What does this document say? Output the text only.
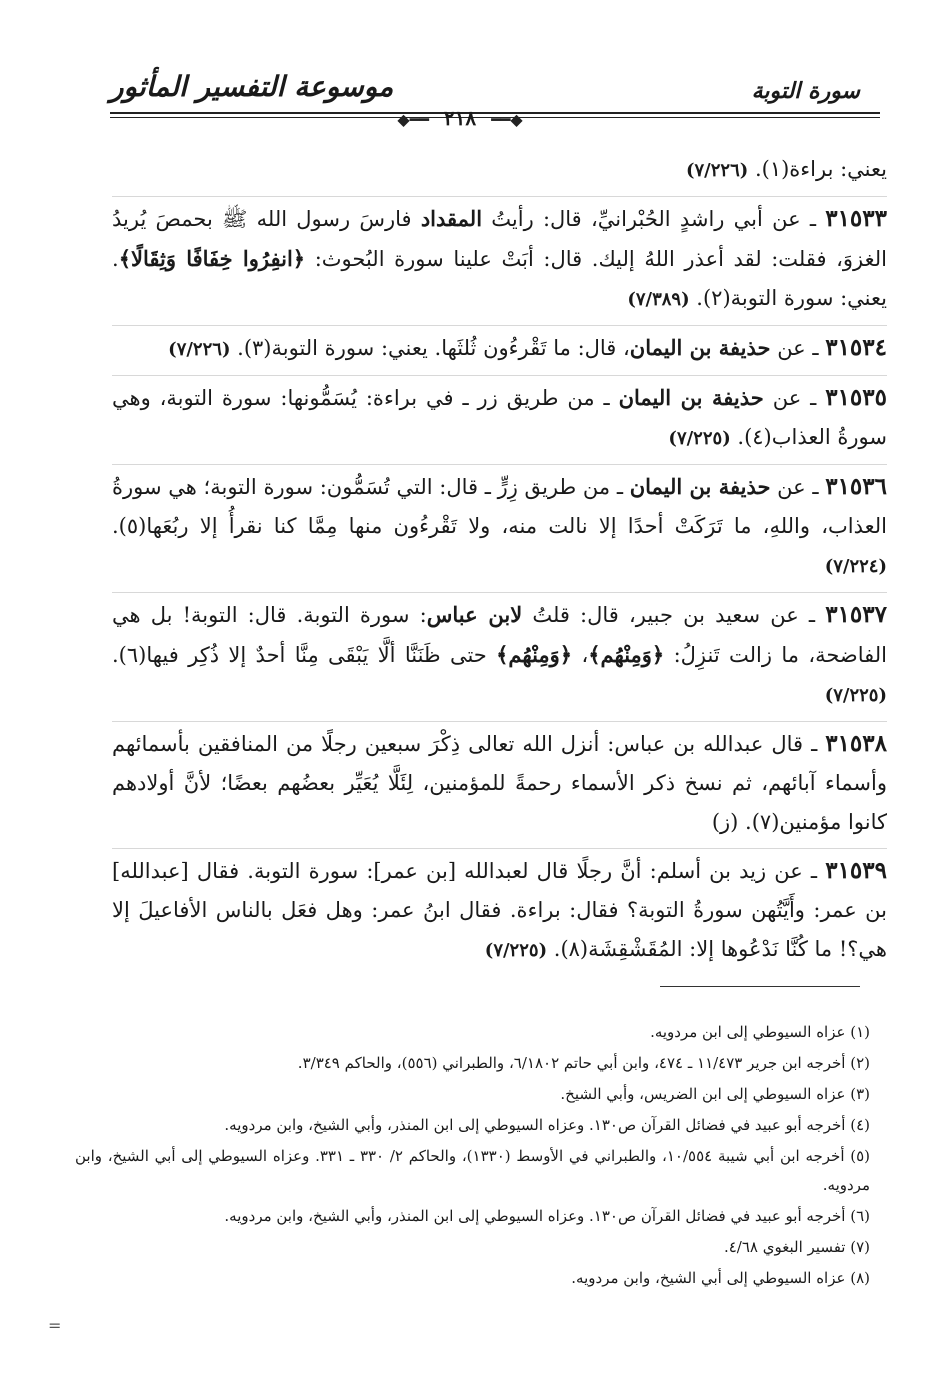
موسوعة التفسير المأثور	سورة التوبة
◆━━ ٢١٨ ━━◆

يعني: براءة(١). (٧/٢٢٦)

٣١٥٣٣ ـ عن أبي راشدٍ الحُبْرانيِّ، قال: رأيتُ المقداد فارسَ رسول الله ﷺ بحمصَ يُريدُ الغزوَ، فقلت: لقد أعذر اللهُ إليك. قال: أبَتْ علينا سورة البُحوث: ﴿انفِرُوا خِفَافًا وَثِقَالًا﴾. يعني: سورة التوبة(٢). (٧/٣٨٩)

٣١٥٣٤ ـ عن حذيفة بن اليمان، قال: ما تَقْرءُون ثُلثَها. يعني: سورة التوبة(٣). (٧/٢٢٦)

٣١٥٣٥ ـ عن حذيفة بن اليمان ـ من طريق زر ـ في براءة: يُسَمُّونها: سورة التوبة، وهي سورةُ العذاب(٤). (٧/٢٢٥)

٣١٥٣٦ ـ عن حذيفة بن اليمان ـ من طريق زِرٍّ ـ قال: التي تُسَمُّون: سورة التوبة؛ هي سورةُ العذاب، واللهِ، ما تَرَكَتْ أحدًا إلا نالت منه، ولا تَقْرءُون منها مِمَّا كنا نقرأُ إلا ربُعَها(٥). (٧/٢٢٤)

٣١٥٣٧ ـ عن سعيد بن جبير، قال: قلتُ لابن عباس: سورة التوبة. قال: التوبة! بل هي الفاضحة، ما زالت تَنزِلُ: ﴿وَمِنْهُم﴾، ﴿وَمِنْهُم﴾ حتى ظَنَنَّا ألَّا يَبْقَى مِنَّا أحدٌ إلا ذُكِر فيها(٦). (٧/٢٢٥)

٣١٥٣٨ ـ قال عبدالله بن عباس: أنزل الله تعالى ذِكْرَ سبعين رجلًا من المنافقين بأسمائهم وأسماء آبائهم، ثم نسخ ذكر الأسماء رحمةً للمؤمنين، لِئَلَّا يُعَيِّر بعضُهم بعضًا؛ لأنَّ أولادهم كانوا مؤمنين(٧). (ز)

٣١٥٣٩ ـ عن زيد بن أسلم: أنَّ رجلًا قال لعبدالله [بن عمر]: سورة التوبة. فقال [عبدالله] بن عمر: وأَيَّتُهن سورةُ التوبة؟ فقال: براءة. فقال ابنُ عمر: وهل فعَل بالناس الأفاعيلَ إلا هي؟! ما كُنَّا نَدْعُوها إلا: المُقَشْقِشَة(٨). (٧/٢٢٥)

(١) عزاه السيوطي إلى ابن مردويه.
(٢) أخرجه ابن جرير ١١/٤٧٣ ـ ٤٧٤، وابن أبي حاتم ٦/١٨٠٢، والطبراني (٥٥٦)، والحاكم ٣/٣٤٩.
(٣) عزاه السيوطي إلى ابن الضريس، وأبي الشيخ.
(٤) أخرجه أبو عبيد في فضائل القرآن ص١٣٠. وعزاه السيوطي إلى ابن المنذر، وأبي الشيخ، وابن مردويه.
(٥) أخرجه ابن أبي شيبة ١٠/٥٥٤، والطبراني في الأوسط (١٣٣٠)، والحاكم ٢/ ٣٣٠ ـ ٣٣١. وعزاه السيوطي إلى أبي الشيخ، وابن مردويه.
(٦) أخرجه أبو عبيد في فضائل القرآن ص١٣٠. وعزاه السيوطي إلى ابن المنذر، وأبي الشيخ، وابن مردويه.
(٧) تفسير البغوي ٤/٦٨.
(٨) عزاه السيوطي إلى أبي الشيخ، وابن مردويه.
=
